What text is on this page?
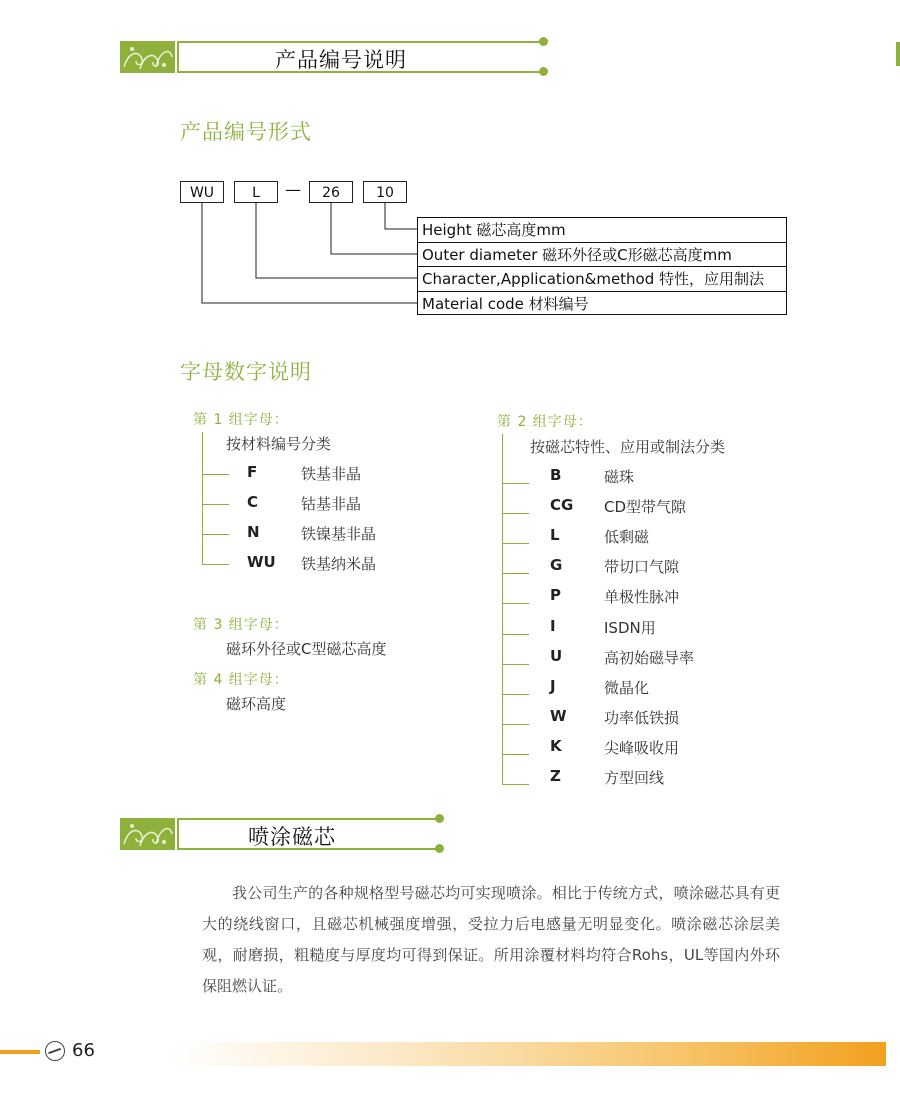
产品编号说明
产品编号形式
WU	L	—	26	10
Height 磁芯高度mm
Outer diameter 磁环外径或C形磁芯高度mm
Character,Application&method 特性，应用制法
Material code 材料编号
字母数字说明
第 1 组字母：
按材料编号分类
F	铁基非晶
C	钴基非晶
N	铁镍基非晶
WU 铁基纳米晶
第 3 组字母：
磁环外径或C型磁芯高度
第 4 组字母：
磁环高度
第 2 组字母：
按磁芯特性、应用或制法分类
B	磁珠
CG CD型带气隙
L	低剩磁
G	带切口气隙
P	单极性脉冲
I	ISDN用
U	高初始磁导率
J	微晶化
W 功率低铁损
K	尖峰吸收用
Z	方型回线
喷涂磁芯
我公司生产的各种规格型号磁芯均可实现喷涂。相比于传统方式，喷涂磁芯具有更大的绕线窗口，且磁芯机械强度增强，受拉力后电感量无明显变化。喷涂磁芯涂层美观，耐磨损，粗糙度与厚度均可得到保证。所用涂覆材料均符合Rohs，UL等国内外环保阻燃认证。
66
